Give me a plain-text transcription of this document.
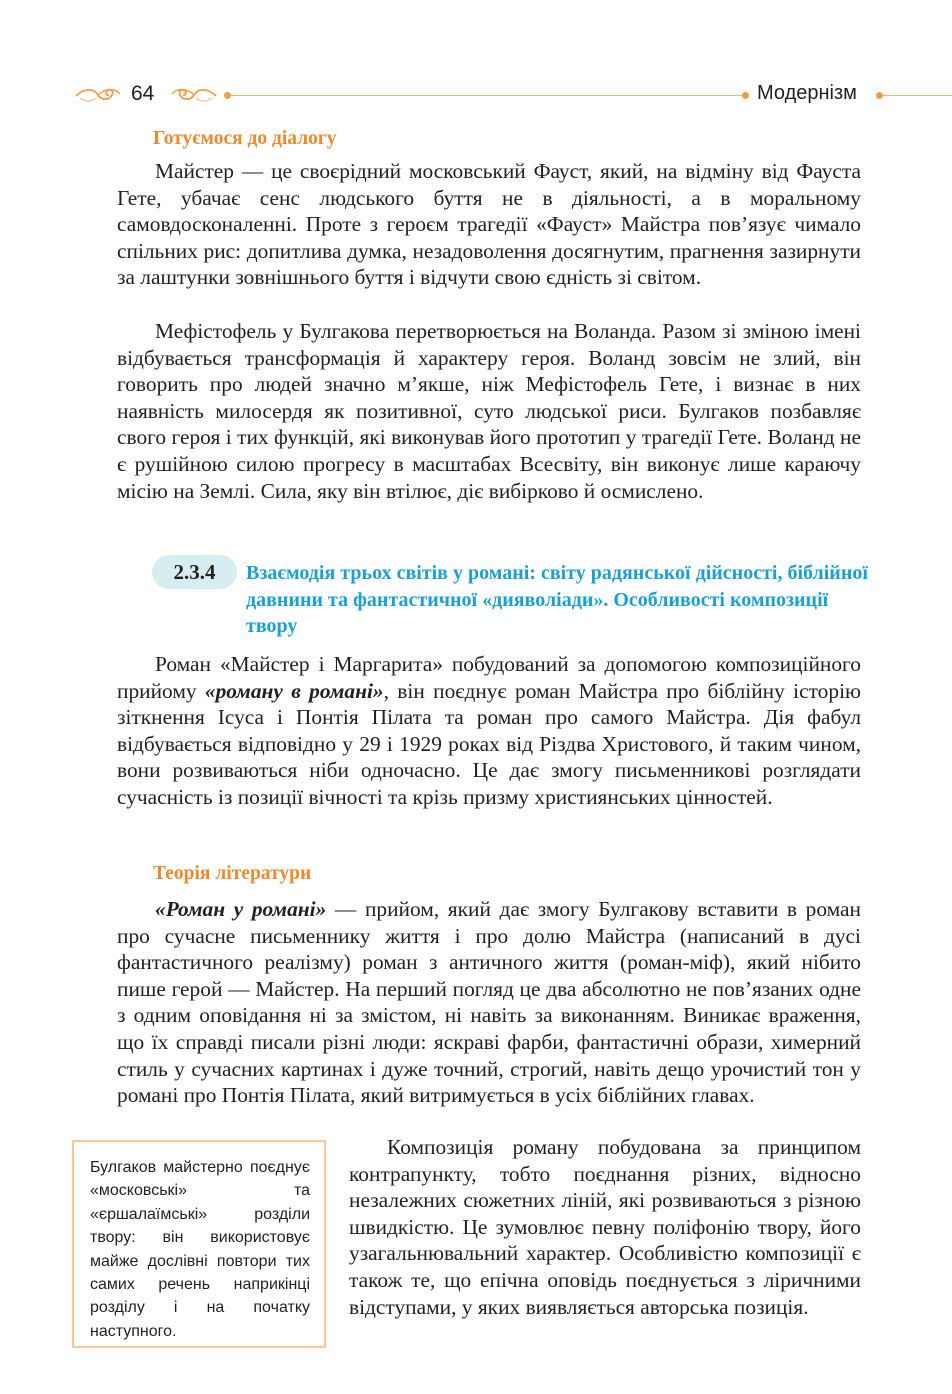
64	Модернізм
Готуємося до діалогу

Майстер — це своєрідний московський Фауст, який, на відміну від Фауста Гете, убачає сенс людського буття не в діяльності, а в моральному самовдосконаленні. Проте з героєм трагедії «Фауст» Майстра пов’язує чимало спільних рис: допитлива думка, незадоволення досягнутим, прагнення зазирнути за лаштунки зовнішнього буття і відчути свою єдність зі світом.

Мефістофель у Булгакова перетворюється на Воланда. Разом зі зміною імені відбувається трансформація й характеру героя. Воланд зовсім не злий, він говорить про людей значно м’якше, ніж Мефістофель Гете, і визнає в них наявність милосердя як позитивної, суто людської риси. Булгаков позбавляє свого героя і тих функцій, які виконував його прототип у трагедії Гете. Воланд не є рушійною силою прогресу в масштабах Всесвіту, він виконує лише караючу місію на Землі. Сила, яку він втілює, діє вибірково й осмислено.

2.3.4	Взаємодія трьох світів у романі: світу радянської дійсності, біблійної давнини та фантастичної «дияволіади». Особливості композиції твору

Роман «Майстер і Маргарита» побудований за допомогою композиційного прийому «роману в романі», він поєднує роман Майстра про біблійну історію зіткнення Ісуса і Понтія Пілата та роман про самого Майстра. Дія фабул відбувається відповідно у 29 і 1929 роках від Різдва Христового, й таким чином, вони розвиваються ніби одночасно. Це дає змогу письменникові розглядати сучасність із позиції вічності та крізь призму християнських цінностей.

Теорія літератури

«Роман у романі» — прийом, який дає змогу Булгакову вставити в роман про сучасне письменнику життя і про долю Майстра (написаний в дусі фантастичного реалізму) роман з античного життя (роман-міф), який нібито пише герой — Майстер. На перший погляд це два абсолютно не пов’язаних одне з одним оповідання ні за змістом, ні навіть за виконанням. Виникає враження, що їх справді писали різні люди: яскраві фарби, фантастичні образи, химерний стиль у сучасних картинах і дуже точний, строгий, навіть дещо урочистий тон у романі про Понтія Пілата, який витримується в усіх біблійних главах.

Композиція роману побудована за принципом контрапункту, тобто поєднання різних, відносно незалежних сюжетних ліній, які розвиваються з різною швидкістю. Це зумовлює певну поліфонію твору, його узагальнювальний характер. Особливістю композиції є також те, що епічна оповідь поєднується з ліричними відступами, у яких виявляється авторська позиція.

Булгаков майстерно поєднує «московські» та «єршалаїмські» розділи твору: він використовує майже дослівні повтори тих самих речень наприкінці розділу і на початку наступного.
